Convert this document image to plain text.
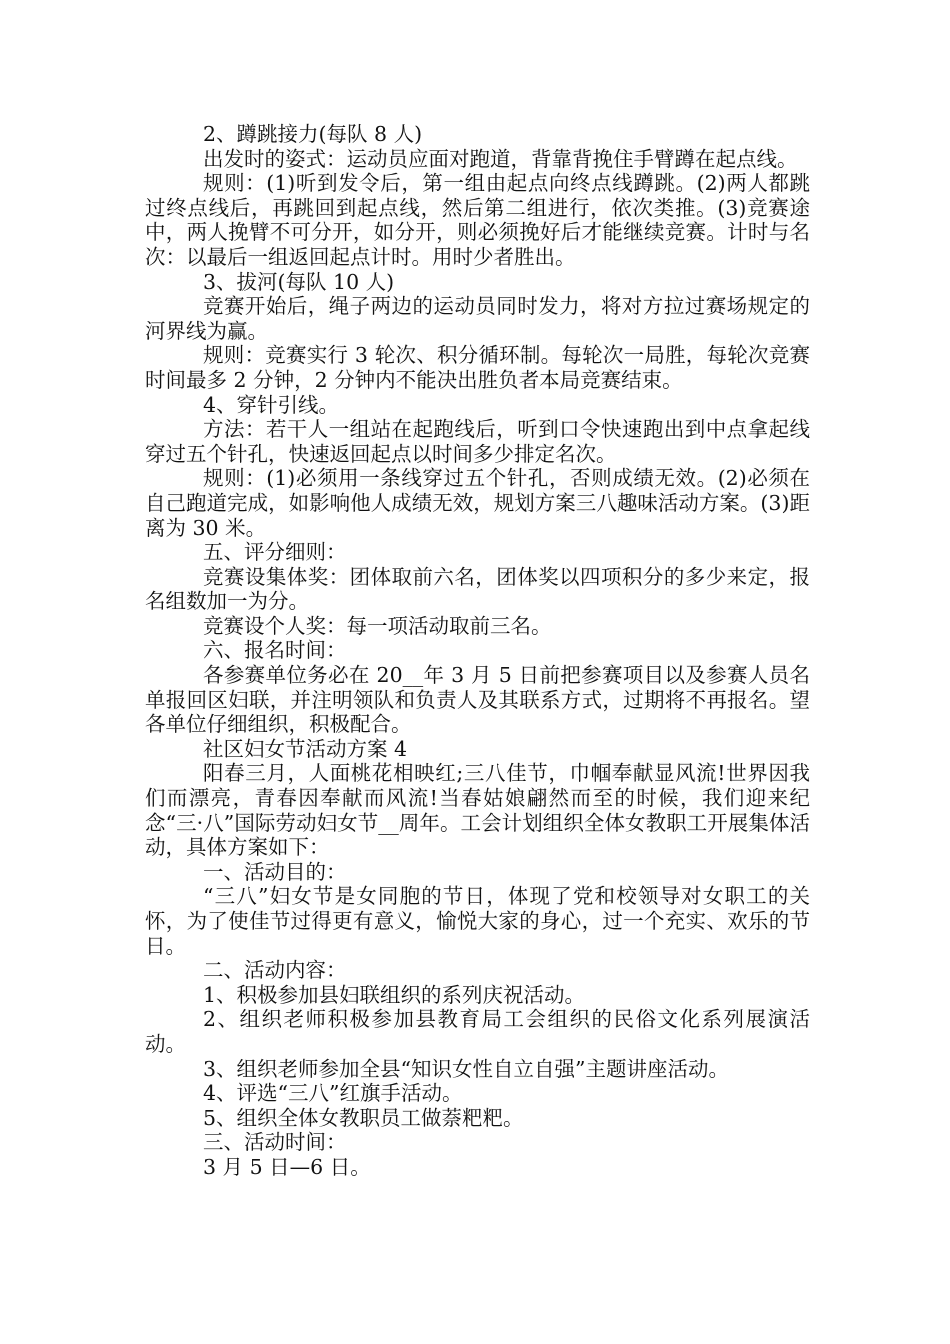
2、蹲跳接力(每队 8 人)

出发时的姿式：运动员应面对跑道，背靠背挽住手臂蹲在起点线。

规则：(1)听到发令后，第一组由起点向终点线蹲跳。(2)两人都跳过终点线后，再跳回到起点线，然后第二组进行，依次类推。(3)竞赛途中，两人挽臂不可分开，如分开，则必须挽好后才能继续竞赛。计时与名次：以最后一组返回起点计时。用时少者胜出。

3、拔河(每队 10 人)

竞赛开始后，绳子两边的运动员同时发力，将对方拉过赛场规定的河界线为赢。

规则：竞赛实行 3 轮次、积分循环制。每轮次一局胜，每轮次竞赛时间最多 2 分钟，2 分钟内不能决出胜负者本局竞赛结束。

4、穿针引线。

方法：若干人一组站在起跑线后，听到口令快速跑出到中点拿起线穿过五个针孔，快速返回起点以时间多少排定名次。

规则：(1)必须用一条线穿过五个针孔，否则成绩无效。(2)必须在自己跑道完成，如影响他人成绩无效，规划方案三八趣味活动方案。(3)距离为 30 米。

五、评分细则：

竞赛设集体奖：团体取前六名，团体奖以四项积分的多少来定，报名组数加一为分。

竞赛设个人奖：每一项活动取前三名。

六、报名时间：

各参赛单位务必在 20__年 3 月 5 日前把参赛项目以及参赛人员名单报回区妇联，并注明领队和负责人及其联系方式，过期将不再报名。望各单位仔细组织，积极配合。

社区妇女节活动方案 4

阳春三月，人面桃花相映红;三八佳节，巾帼奉献显风流!世界因我们而漂亮，青春因奉献而风流!当春姑娘翩然而至的时候，我们迎来纪念“三·八”国际劳动妇女节__周年。工会计划组织全体女教职工开展集体活动，具体方案如下：

一、活动目的：

“三八”妇女节是女同胞的节日，体现了党和校领导对女职工的关怀，为了使佳节过得更有意义，愉悦大家的身心，过一个充实、欢乐的节日。

二、活动内容：

1、积极参加县妇联组织的系列庆祝活动。

2、组织老师积极参加县教育局工会组织的民俗文化系列展演活动。

3、组织老师参加全县“知识女性自立自强”主题讲座活动。

4、评选“三八”红旗手活动。

5、组织全体女教职员工做萘粑粑。

三、活动时间：

3 月 5 日—6 日。
